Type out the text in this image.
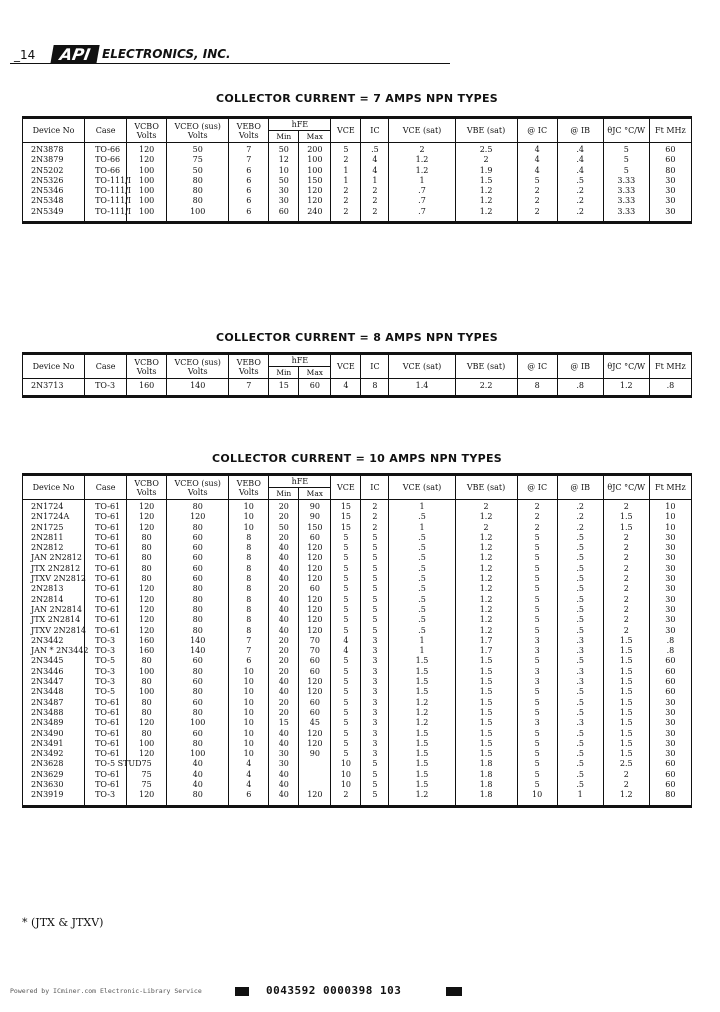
_14	API ELECTRONICS, INC.
COLLECTOR CURRENT = 7 AMPS NPN TYPES
Device No	Case	VCBO Volts	VCEO (sus) Volts	VEBO Volts	hFE		VCE	IC	VCE (sat)	VBE (sat)	@ IC	@ IB	θJC °C/W	Ft MHz
					Min	Max								
2N3878	TO-66	120	50	7	50	200	5	.5	2	2.5	4	.4	5	60
2N3879	TO-66	120	75	7	12	100	2	4	1.2	2	4	.4	5	60
2N5202	TO-66	100	50	6	10	100	1	4	1.2	1.9	4	.4	5	80
2N5326	TO-111/I	100	80	6	50	150	1	1	1	1.5	5	.5	3.33	30
2N5346	TO-111/I	100	80	6	30	120	2	2	.7	1.2	2	.2	3.33	30
2N5348	TO-111/I	100	80	6	30	120	2	2	.7	1.2	2	.2	3.33	30
2N5349	TO-111/I	100	100	6	60	240	2	2	.7	1.2	2	.2	3.33	30
COLLECTOR CURRENT = 8 AMPS NPN TYPES
Device No	Case	VCBO Volts	VCEO (sus) Volts	VEBO Volts	hFE		VCE	IC	VCE (sat)	VBE (sat)	@ IC	@ IB	θJC °C/W	Ft MHz
					Min	Max								
2N3713	TO-3	160	140	7	15	60	4	8	1.4	2.2	8	.8	1.2	.8
COLLECTOR CURRENT = 10 AMPS NPN TYPES
Device No	Case	VCBO Volts	VCEO (sus) Volts	VEBO Volts	hFE		VCE	IC	VCE (sat)	VBE (sat)	@ IC	@ IB	θJC °C/W	Ft MHz
					Min	Max								
2N1724	TO-61	120	80	10	20	90	15	2	1	2	2	.2	2	10
2N1724A	TO-61	120	120	10	20	90	15	2	.5	1.2	2	.2	1.5	10
2N1725	TO-61	120	80	10	50	150	15	2	1	2	2	.2	1.5	10
2N2811	TO-61	80	60	8	20	60	5	5	.5	1.2	5	.5	2	30
2N2812	TO-61	80	60	8	40	120	5	5	.5	1.2	5	.5	2	30
JAN 2N2812	TO-61	80	60	8	40	120	5	5	.5	1.2	5	.5	2	30
JTX 2N2812	TO-61	80	60	8	40	120	5	5	.5	1.2	5	.5	2	30
JTXV 2N2812	TO-61	80	60	8	40	120	5	5	.5	1.2	5	.5	2	30
2N2813	TO-61	120	80	8	20	60	5	5	.5	1.2	5	.5	2	30
2N2814	TO-61	120	80	8	40	120	5	5	.5	1.2	5	.5	2	30
JAN 2N2814	TO-61	120	80	8	40	120	5	5	.5	1.2	5	.5	2	30
JTX 2N2814	TO-61	120	80	8	40	120	5	5	.5	1.2	5	.5	2	30
JTXV 2N2814	TO-61	120	80	8	40	120	5	5	.5	1.2	5	.5	2	30
2N3442	TO-3	160	140	7	20	70	4	3	1	1.7	3	.3	1.5	.8
JAN * 2N3442	TO-3	160	140	7	20	70	4	3	1	1.7	3	.3	1.5	.8
2N3445	TO-5	80	60	6	20	60	5	3	1.5	1.5	5	.5	1.5	60
2N3446	TO-3	100	80	10	20	60	5	3	1.5	1.5	3	.3	1.5	60
2N3447	TO-3	80	60	10	40	120	5	3	1.5	1.5	3	.3	1.5	60
2N3448	TO-5	100	80	10	40	120	5	3	1.5	1.5	5	.5	1.5	60
2N3487	TO-61	80	60	10	20	60	5	3	1.2	1.5	5	.5	1.5	30
2N3488	TO-61	80	80	10	20	60	5	3	1.2	1.5	5	.5	1.5	30
2N3489	TO-61	120	100	10	15	45	5	3	1.2	1.5	3	.3	1.5	30
2N3490	TO-61	80	60	10	40	120	5	3	1.5	1.5	5	.5	1.5	30
2N3491	TO-61	100	80	10	40	120	5	3	1.5	1.5	5	.5	1.5	30
2N3492	TO-61	120	100	10	30	90	5	3	1.5	1.5	5	.5	1.5	30
2N3628	TO-5 STUD	75	40	4	30		10	5	1.5	1.8	5	.5	2.5	60
2N3629	TO-61	75	40	4	40		10	5	1.5	1.8	5	.5	2	60
2N3630	TO-61	75	40	4	40		10	5	1.5	1.8	5	.5	2	60
2N3919	TO-3	120	80	6	40	120	2	5	1.2	1.8	10	1	1.2	80
* (JTX & JTXV)
Powered by ICminer.com Electronic-Library Service	0043592 0000398 103
